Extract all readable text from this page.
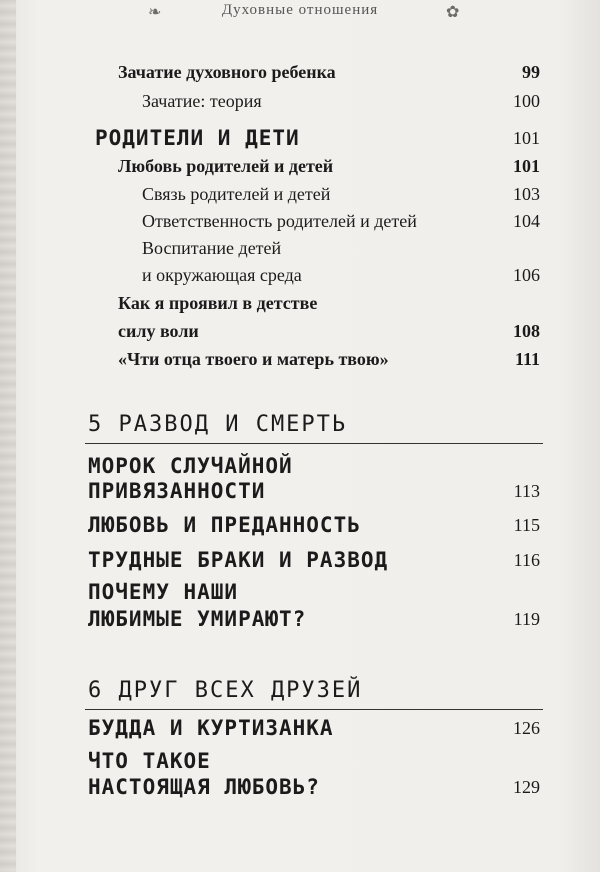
❧	✿
Духовные отношения
Зачатие духовного ребенка	99
Зачатие: теория	100
РОДИТЕЛИ И ДЕТИ	101
Любовь родителей и детей	101
Связь родителей и детей	103
Ответственность родителей и детей	104
Воспитание детей
и окружающая среда	106
Как я проявил в детстве
силу воли	108
«Чти отца твоего и матерь твою»	111
5 РАЗВОД И СМЕРТЬ
МОРОК СЛУЧАЙНОЙ
ПРИВЯЗАННОСТИ	113
ЛЮБОВЬ И ПРЕДАННОСТЬ	115
ТРУДНЫЕ БРАКИ И РАЗВОД	116
ПОЧЕМУ НАШИ
ЛЮБИМЫЕ УМИРАЮТ?	119
6 ДРУГ ВСЕХ ДРУЗЕЙ
БУДДА И КУРТИЗАНКА	126
ЧТО ТАКОЕ
НАСТОЯЩАЯ ЛЮБОВЬ?	129
